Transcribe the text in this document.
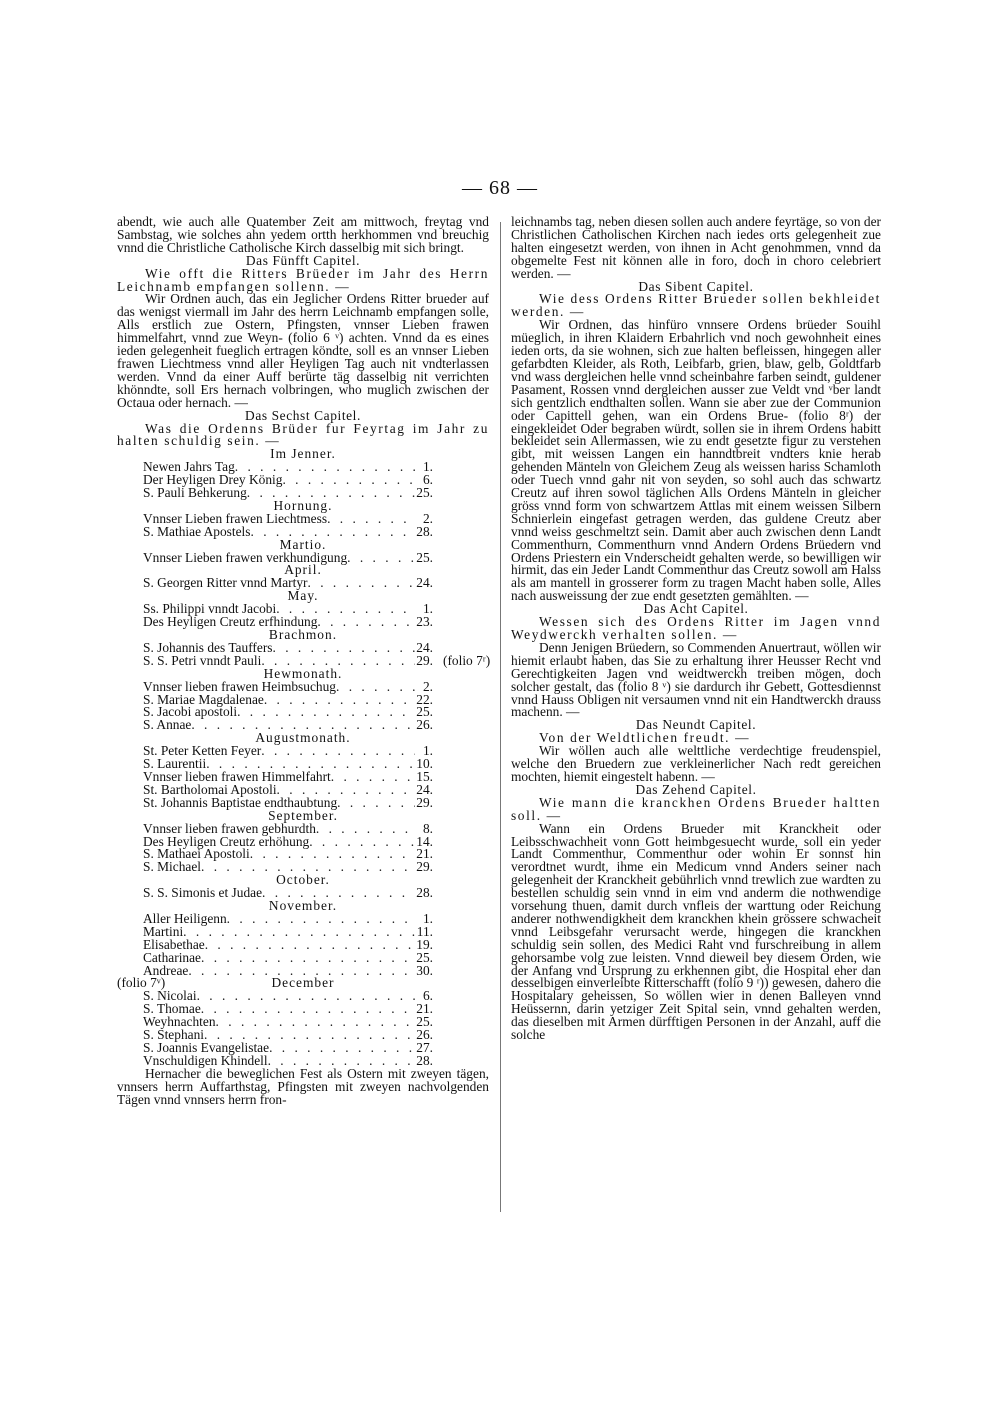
— 68 —

abendt, wie auch alle Quatember Zeit am mittwoch, freytag vnd Sambstag, wie solches ahn yedem ortth herkhommen vnd breuchig vnnd die Christliche Catholische Kirch dasselbig mit sich bringt.

Das Fünfft Capitel.

Wie offt die Ritters Brüeder im Jahr des Herrn Leichnamb empfangen sollenn. —

Wir Ordnen auch, das ein Jeglicher Ordens Ritter brueder auf das wenigst viermall im Jahr des herrn Leichnamb empfangen solle, Alls erstlich zue Ostern, Pfingsten, vnnser Lieben frawen himmelfahrt, vnnd zue Weyn- (folio 6 ᵛ) achten. Vnnd da es eines ieden gelegenheit fueglich ertragen köndte, soll es an vnnser Lieben frawen Liechtmess vnnd aller Heyligen Tag auch nit vndterlassen werden. Vnnd da einer Auff berürte täg dasselbig nit verrichten khönndte, soll Ers hernach volbringen, who muglich zwischen der Octaua oder hernach. —

Das Sechst Capitel.

Was die Ordenns Brüder fur Feyrtag im Jahr zu halten schuldig sein. —

Im Jenner.

Newen Jahrs Tag . . .	1.
Der Heyligen Drey König . . .	6.
S. Pauli Behkerung . . .	25.

Hornung.

Vnnser Lieben frawen Liechtmess . . .	2.
S. Mathiae Apostels . . .	28.

Martio.

Vnnser Lieben frawen verkhundigung . . .	25.

April.

S. Georgen Ritter vnnd Martyr . . .	24.

May.

Ss. Philippi vnndt Jacobi . . .	1.
Des Heyligen Creutz erfhindung . . .	23.

Brachmon.

S. Johannis des Tauffers . . .	24.
S. S. Petri vnndt Pauli . . .	29. (folio 7ʳ)

Hewmonath.

Vnnser lieben frawen Heimbsuchug . . .	2.
S. Mariae Magdalenae . . .	22.
S. Jacobi apostoli . . .	25.
S. Annae . . .	26.

Augustmonath.

St. Peter Ketten Feyer . . .	1.
S. Laurentii . . .	10.
Vnnser lieben frawen Himmelfahrt . . .	15.
St. Bartholomai Apostoli . . .	24.
St. Johannis Baptistae endthaubtung . . .	29.

September.

Vnnser lieben frawen gebhurdth . . .	8.
Des Heyligen Creutz erhöhung . . .	14.
S. Mathaei Apostoli . . .	21.
S. Michael . . .	29.

October.

S. S. Simonis et Judae . . .	28.

November.

Aller Heiligenn . . .	1.
Martini . . .	11.
Elisabethae . . .	19.
Catharinae . . .	25.
Andreae . . .	30.

(folio 7ᵛ)	December

S. Nicolai . . .	6.
S. Thomae . . .	21.
Weyhnachten . . .	25.
S. Stephani . . .	26.
S. Joannis Evangelistae . . .	27.
Vnschuldigen Khindell . . .	28.

Hernacher die beweglichen Fest als Ostern mit zweyen tägen, vnnsers herrn Auffarthstag, Pfingsten mit zweyen nachvolgenden Tägen vnnd vnnsers herrn fron-

leichnambs tag, neben diesen sollen auch andere feyrtäge, so von der Christlichen Catholischen Kirchen nach iedes orts gelegenheit zue halten eingesetzt werden, von ihnen in Acht genohmmen, vnnd da obgemelte Fest nit können alle in foro, doch in choro celebriert werden. —

Das Sibent Capitel.

Wie dess Ordens Ritter Brueder sollen bekhleidet werden. —

Wir Ordnen, das hinfüro vnnsere Ordens brüeder Souihl müeglich, in ihren Klaidern Erbahrlich vnd noch gewohnheit eines ieden orts, da sie wohnen, sich zue halten befleissen, hingegen aller gefarbdten Kleider, als Roth, Leibfarb, grien, blaw, gelb, Goldtfarb vnd wass dergleichen helle vnnd scheinbahre farben seindt, guldener Pasament, Rossen vnnd dergleichen ausser zue Veldt vnd ᵛber landt sich gentzlich endthalten sollen. Wann sie aber zue der Communion oder Capittell gehen, wan ein Ordens Brue- (folio 8ʳ) der eingekleidet Oder begraben würdt, sollen sie in ihrem Ordens habitt bekleidet sein Allermassen, wie zu endt gesetzte figur zu verstehen gibt, mit weissen Langen ein hanndtbreit vndters knie herab gehenden Mänteln von Gleichem Zeug als weissen hariss Schamloth oder Tuech vnnd gahr nit von seyden, so sohl auch das schwartz Creutz auf ihren sowol täglichen Alls Ordens Mänteln in gleicher gröss vnnd form von schwartzem Attlas mit einem weissen Silbern Schnierlein eingefast getragen werden, das guldene Creutz aber vnnd weiss geschmeltzt sein. Damit aber auch zwischen denn Landt Commenthurn, Commenthurn vnnd Andern Ordens Brüedern vnd Ordens Priestern ein Vnderscheidt gehalten werde, so bewilligen wir hirmit, das ein Jeder Landt Commenthur das Creutz sowoll am Halss als am mantell in grosserer form zu tragen Macht haben solle, Alles nach ausweissung der zue endt gesetzten gemählten. —

Das Acht Capitel.

Wessen sich des Ordens Ritter im Jagen vnnd Weydwerckh verhalten sollen. —

Denn Jenigen Brüedern, so Commenden Anuertraut, wöllen wir hiemit erlaubt haben, das Sie zu erhaltung ihrer Heusser Recht vnd Gerechtigkeiten Jagen vnd weidtwerckh treiben mögen, doch solcher gestalt, das (folio 8 ᵛ) sie dardurch ihr Gebett, Gottesdiennst vnnd Hauss Obligen nit versaumen vnnd nit ein Handtwerckh drauss machenn. —

Das Neundt Capitel.

Von der Weldtlichen freudt. —

Wir wöllen auch alle welttliche verdechtige freudenspiel, welche den Bruedern zue verkleinerlicher Nach redt gereichen mochten, hiemit eingestelt habenn. —

Das Zehend Capitel.

Wie mann die kranckhen Ordens Brueder haltten soll. —

Wann ein Ordens Brueder mit Kranckheit oder Leibsschwachheit vonn Gott heimbgesuecht wurde, soll ein yeder Landt Commenthur, Commenthur oder wohin Er sonnst hin verordtnet wurdt, ihme ein Medicum vnnd Anders seiner nach gelegenheit der Kranckheit gebührlich vnnd trewlich zue wardten zu bestellen schuldig sein vnnd in eim vnd anderm die nothwendige vorsehung thuen, damit durch vnfleis der warttung oder Reichung anderer nothwendigkheit dem kranckhen khein grössere schwacheit vnnd Leibsgefahr verursacht werde, hingegen die kranckhen schuldig sein sollen, des Medici Raht vnd furschreibung in allem gehorsambe volg zue leisten. Vnnd dieweil bey diesem Orden, wie der Anfang vnd Ursprung zu erkhennen gibt, die Hospital eher dan desselbigen einverleibte Ritterschafft (folio 9 ʳ)) gewesen, dahero die Hospitalary geheissen, So wöllen wier in denen Balleyen vnnd Heüssernn, darin yetziger Zeit Spital sein, vnnd gehalten werden, das dieselben mit Armen dürfftigen Personen in der Anzahl, auff die solche
